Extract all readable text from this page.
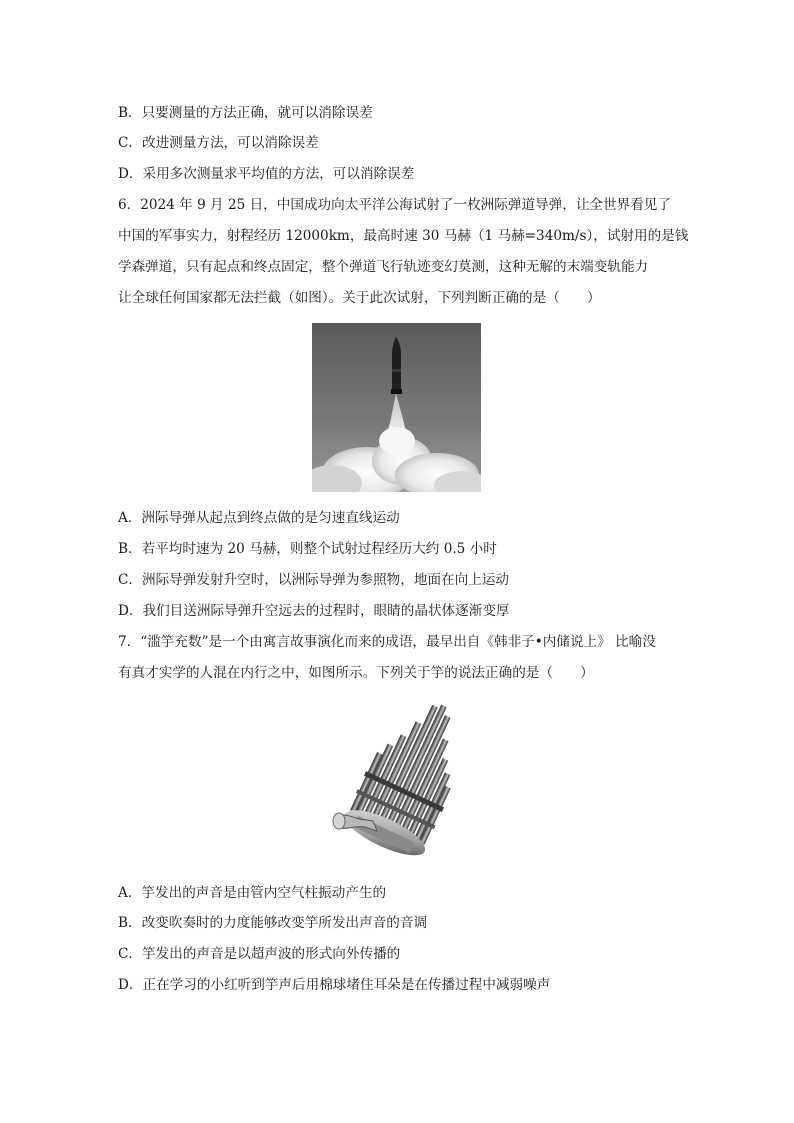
B．只要测量的方法正确，就可以消除误差
C．改进测量方法，可以消除误差
D．采用多次测量求平均值的方法，可以消除误差
6．2024 年 9 月 25 日，中国成功向太平洋公海试射了一枚洲际弹道导弹，让全世界看见了
中国的军事实力，射程经历 12000km，最高时速 30 马赫（1 马赫=340m/s），试射用的是钱
学森弹道，只有起点和终点固定，整个弹道飞行轨迹变幻莫测，这种无解的末端变轨能力
让全球任何国家都无法拦截（如图）。关于此次试射，下列判断正确的是（　　）
A．洲际导弹从起点到终点做的是匀速直线运动
B．若平均时速为 20 马赫，则整个试射过程经历大约 0.5 小时
C．洲际导弹发射升空时，以洲际导弹为参照物，地面在向上运动
D．我们目送洲际导弹升空远去的过程时，眼睛的晶状体逐渐变厚
7．“滥竽充数”是一个由寓言故事演化而来的成语，最早出自《韩非子•内储说上》 比喻没
有真才实学的人混在内行之中，如图所示。下列关于竽的说法正确的是（　　）
A．竽发出的声音是由管内空气柱振动产生的
B．改变吹奏时的力度能够改变竽所发出声音的音调
C．竽发出的声音是以超声波的形式向外传播的
D．正在学习的小红听到竽声后用棉球堵住耳朵是在传播过程中减弱噪声
